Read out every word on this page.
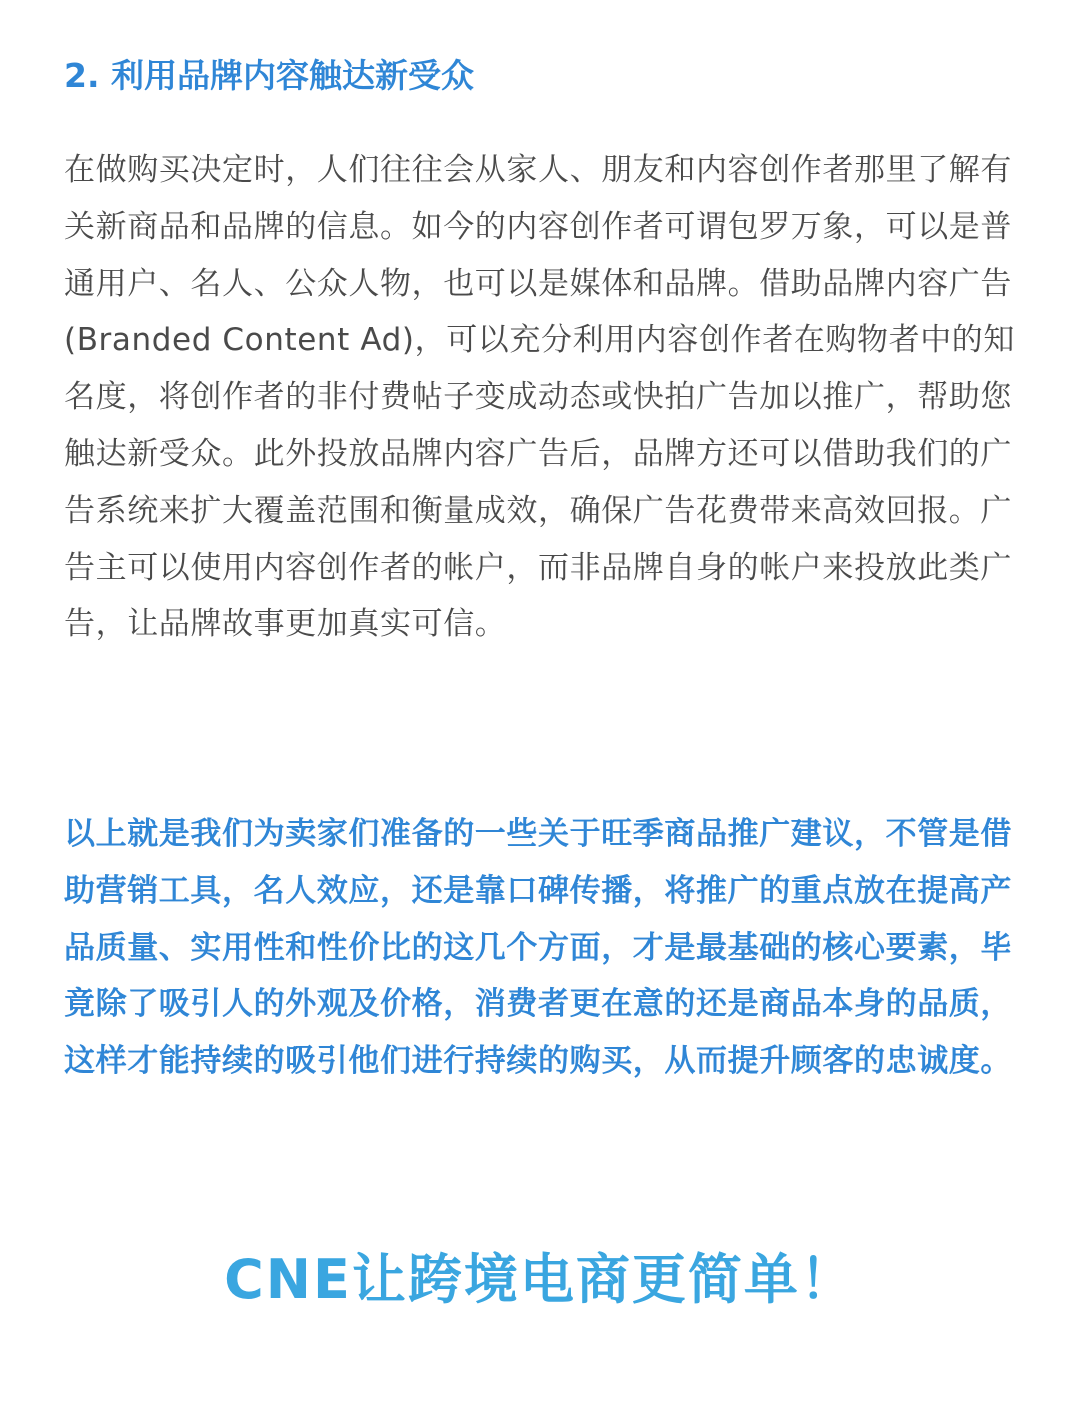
2. 利用品牌内容触达新受众

在做购买决定时，人们往往会从家人、朋友和内容创作者那里了解有关新商品和品牌的信息。如今的内容创作者可谓包罗万象，可以是普通用户、名人、公众人物，也可以是媒体和品牌。借助品牌内容广告 (Branded Content Ad)，可以充分利用内容创作者在购物者中的知名度，将创作者的非付费帖子变成动态或快拍广告加以推广，帮助您触达新受众。此外投放品牌内容广告后，品牌方还可以借助我们的广告系统来扩大覆盖范围和衡量成效，确保广告花费带来高效回报。广告主可以使用内容创作者的帐户，而非品牌自身的帐户来投放此类广告，让品牌故事更加真实可信。

以上就是我们为卖家们准备的一些关于旺季商品推广建议，不管是借助营销工具，名人效应，还是靠口碑传播，将推广的重点放在提高产品质量、实用性和性价比的这几个方面，才是最基础的核心要素，毕竟除了吸引人的外观及价格，消费者更在意的还是商品本身的品质，这样才能持续的吸引他们进行持续的购买，从而提升顾客的忠诚度。

CNE让跨境电商更简单！
